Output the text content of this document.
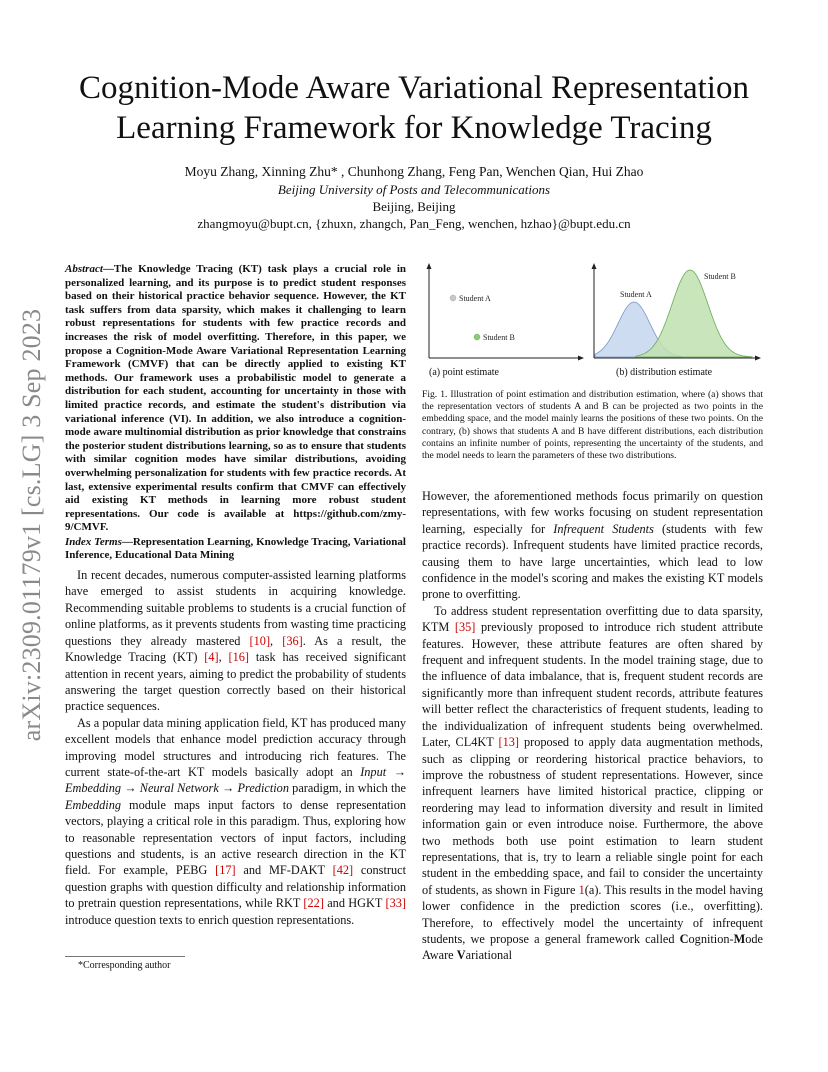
arXiv:2309.01179v1 [cs.LG] 3 Sep 2023
Cognition-Mode Aware Variational Representation
Learning Framework for Knowledge Tracing
Moyu Zhang, Xinning Zhu* , Chunhong Zhang, Feng Pan, Wenchen Qian, Hui Zhao
Beijing University of Posts and Telecommunications
Beijing, Beijing
zhangmoyu@bupt.cn, {zhuxn, zhangch, Pan_Feng, wenchen, hzhao}@bupt.edu.cn

Abstract—The Knowledge Tracing (KT) task plays a crucial role in personalized learning, and its purpose is to predict student responses based on their historical practice behavior sequence. However, the KT task suffers from data sparsity, which makes it challenging to learn robust representations for students with few practice records and increases the risk of model overfitting. Therefore, in this paper, we propose a Cognition-Mode Aware Variational Representation Learning Framework (CMVF) that can be directly applied to existing KT methods. Our framework uses a probabilistic model to generate a distribution for each student, accounting for uncertainty in those with limited practice records, and estimate the student's distribution via variational inference (VI). In addition, we also introduce a cognition-mode aware multinomial distribution as prior knowledge that constrains the posterior student distributions learning, so as to ensure that students with similar cognition modes have similar distributions, avoiding overwhelming personalization for students with few practice records. At last, extensive experimental results confirm that CMVF can effectively aid existing KT methods in learning more robust student representations. Our code is available at https://github.com/zmy-9/CMVF.

Index Terms—Representation Learning, Knowledge Tracing, Variational Inference, Educational Data Mining

In recent decades, numerous computer-assisted learning platforms have emerged to assist students in acquiring knowledge. Recommending suitable problems to students is a crucial function of online platforms, as it prevents students from wasting time practicing questions they already mastered [10], [36]. As a result, the Knowledge Tracing (KT) [4], [16] task has received significant attention in recent years, aiming to predict the probability of students answering the target question correctly based on their historical practice sequences.

As a popular data mining application field, KT has produced many excellent models that enhance model prediction accuracy through improving model structures and introducing rich features. The current state-of-the-art KT models basically adopt an Input → Embedding → Neural Network → Prediction paradigm, in which the Embedding module maps input factors to dense representation vectors, playing a critical role in this paradigm. Thus, exploring how to reasonable representation vectors of input factors, including questions and students, is an active research direction in the KT field. For example, PEBG [17] and MF-DAKT [42] construct question graphs with question difficulty and relationship information to pretrain question representations, while RKT [22] and HGKT [33] introduce question texts to enrich question representations.

*Corresponding author
Student A
Student B
(a) point estimate
Student A
Student B
(b) distribution estimate
Fig. 1. Illustration of point estimation and distribution estimation, where (a) shows that the representation vectors of students A and B can be projected as two points in the embedding space, and the model mainly learns the positions of these two points. On the contrary, (b) shows that students A and B have different distributions, each distribution contains an infinite number of points, representing the uncertainty of the students, and the model needs to learn the parameters of these two distributions.

However, the aforementioned methods focus primarily on question representations, with few works focusing on student representation learning, especially for Infrequent Students (students with few practice records). Infrequent students have limited practice records, causing them to have large uncertainties, which lead to low confidence in the model's scoring and makes the existing KT models prone to overfitting.

To address student representation overfitting due to data sparsity, KTM [35] previously proposed to introduce rich student attribute features. However, these attribute features are often shared by frequent and infrequent students. In the model training stage, due to the influence of data imbalance, that is, frequent student records are significantly more than infrequent student records, attribute features will better reflect the characteristics of frequent students, leading to the individualization of infrequent students being overwhelmed. Later, CL4KT [13] proposed to apply data augmentation methods, such as clipping or reordering historical practice behaviors, to improve the robustness of student representations. However, since infrequent learners have limited historical practice, clipping or reordering may lead to information diversity and result in limited information gain or even introduce noise. Furthermore, the above two methods both use point estimation to learn student representations, that is, try to learn a reliable single point for each student in the embedding space, and fail to consider the uncertainty of students, as shown in Figure 1(a). This results in the model having lower confidence in the prediction scores (i.e., overfitting). Therefore, to effectively model the uncertainty of infrequent students, we propose a general framework called Cognition-Mode Aware Variational
